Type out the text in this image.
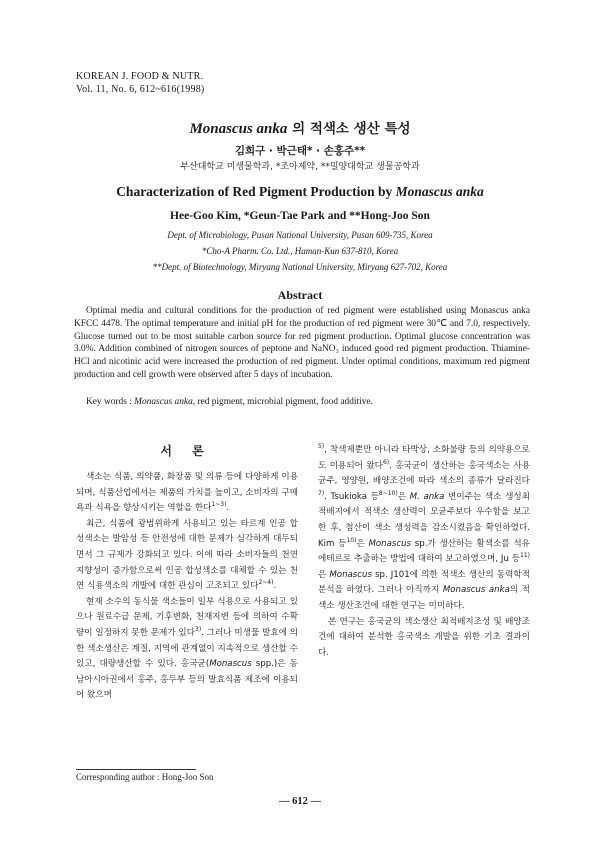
KOREAN J. FOOD & NUTR.
Vol. 11, No. 6, 612~616(1998)
Monascus anka 의 적색소 생산 특성
김희구 · 박근태* · 손홍주**
부산대학교 미생물학과, *조아제약, **밀양대학교 생물공학과
Characterization of Red Pigment Production by Monascus anka
Hee-Goo Kim, *Geun-Tae Park and **Hong-Joo Son
Dept. of Microbiology, Pusan National University, Pusan 609-735, Korea
*Cho-A Pharm. Co. Ltd., Haman-Kun 637-810, Korea
**Dept. of Biotechnology, Miryang National University, Miryang 627-702, Korea
Abstract

Optimal media and cultural conditions for the production of red pigment were established using Monascus anka KFCC 4478. The optimal temperature and initial pH for the production of red pigment were 30℃ and 7.0, respectively. Glucose turned out to be most suitable carbon source for red pigment production. Optimal glucose concentration was 3.0%. Addition combined of nitrogen sources of peptone and NaNO₃ induced good red pigment production. Thiamine-HCl and nicotinic acid were increased the production of red pigment. Under optimal conditions, maximum red pigment production and cell growth were observed after 5 days of incubation.

Key words : Monascus anka, red pigment, microbial pigment, food additive.
서 론

색소는 식품, 의약품, 화장품 및 의류 등에 다양하게 이용되며, 식품산업에서는 제품의 가치를 높이고, 소비자의 구매욕과 식욕을 향상시키는 역할을 한다$^{1\sim 3)}$.

최근, 식품에 광범위하게 사용되고 있는 타르계 인공 합성색소는 발암성 등 안전성에 대한 문제가 심각하게 대두되면서 그 규제가 강화되고 있다. 이에 따라 소비자들의 천연지향성이 증가함으로써 인공 합성색소를 대체할 수 있는 천연 식용색소의 개발에 대한 관심이 고조되고 있다$^{2\sim 4)}$.

현재 소수의 동식물 색소들이 일부 식용으로 사용되고 있으나 원료수급 문제, 기후변화, 천재지변 등에 의하여 수확량이 일정하지 못한 문제가 있다$^{3)}$. 그러나 미생물 발효에 의한 색소생산은 계절, 지역에 관계없이 지속적으로 생산할 수 있고, 대량생산할 수 있다. 홍국균(Monascus spp.)은 동남아시아권에서 홍주, 홍두부 등의 발효식품 제조에 이용되어 왔으며

$^{5)}$, 착색제뿐만 아니라 타박상, 소화불량 등의 의약용으로도 이용되어 왔다$^{6)}$. 홍국균이 생산하는 홍국색소는 사용균주, 영양원, 배양조건에 따라 색소의 종류가 달라진다$^{7)}$. Tsukioka 등$^{8\sim 10)}$은 M. anka 변이주는 색소 생성최적배지에서 적색소 생산력이 모균주보다 우수함을 보고한 후, 첨산이 색소 생성력을 감소시켰음을 확인하였다. Kim 등$^{10)}$은 Monascus sp.가 생산하는 황색소를 석유에테르로 추출하는 방법에 대하여 보고하였으며, Ju 등$^{11)}$은 Monascus sp. J101에 의한 적색소 생산의 동력학적 분석을 하였다. 그러나 아직까지 Monascus anka의 적색소 생산조건에 대한 연구는 미미하다.

본 연구는 홍국균의 색소생산 최적배지조성 및 배양조건에 대하여 분석한 홍국색소 개발을 위한 기초 결과이다.

Corresponding author : Hong-Joo Son
— 612 —
